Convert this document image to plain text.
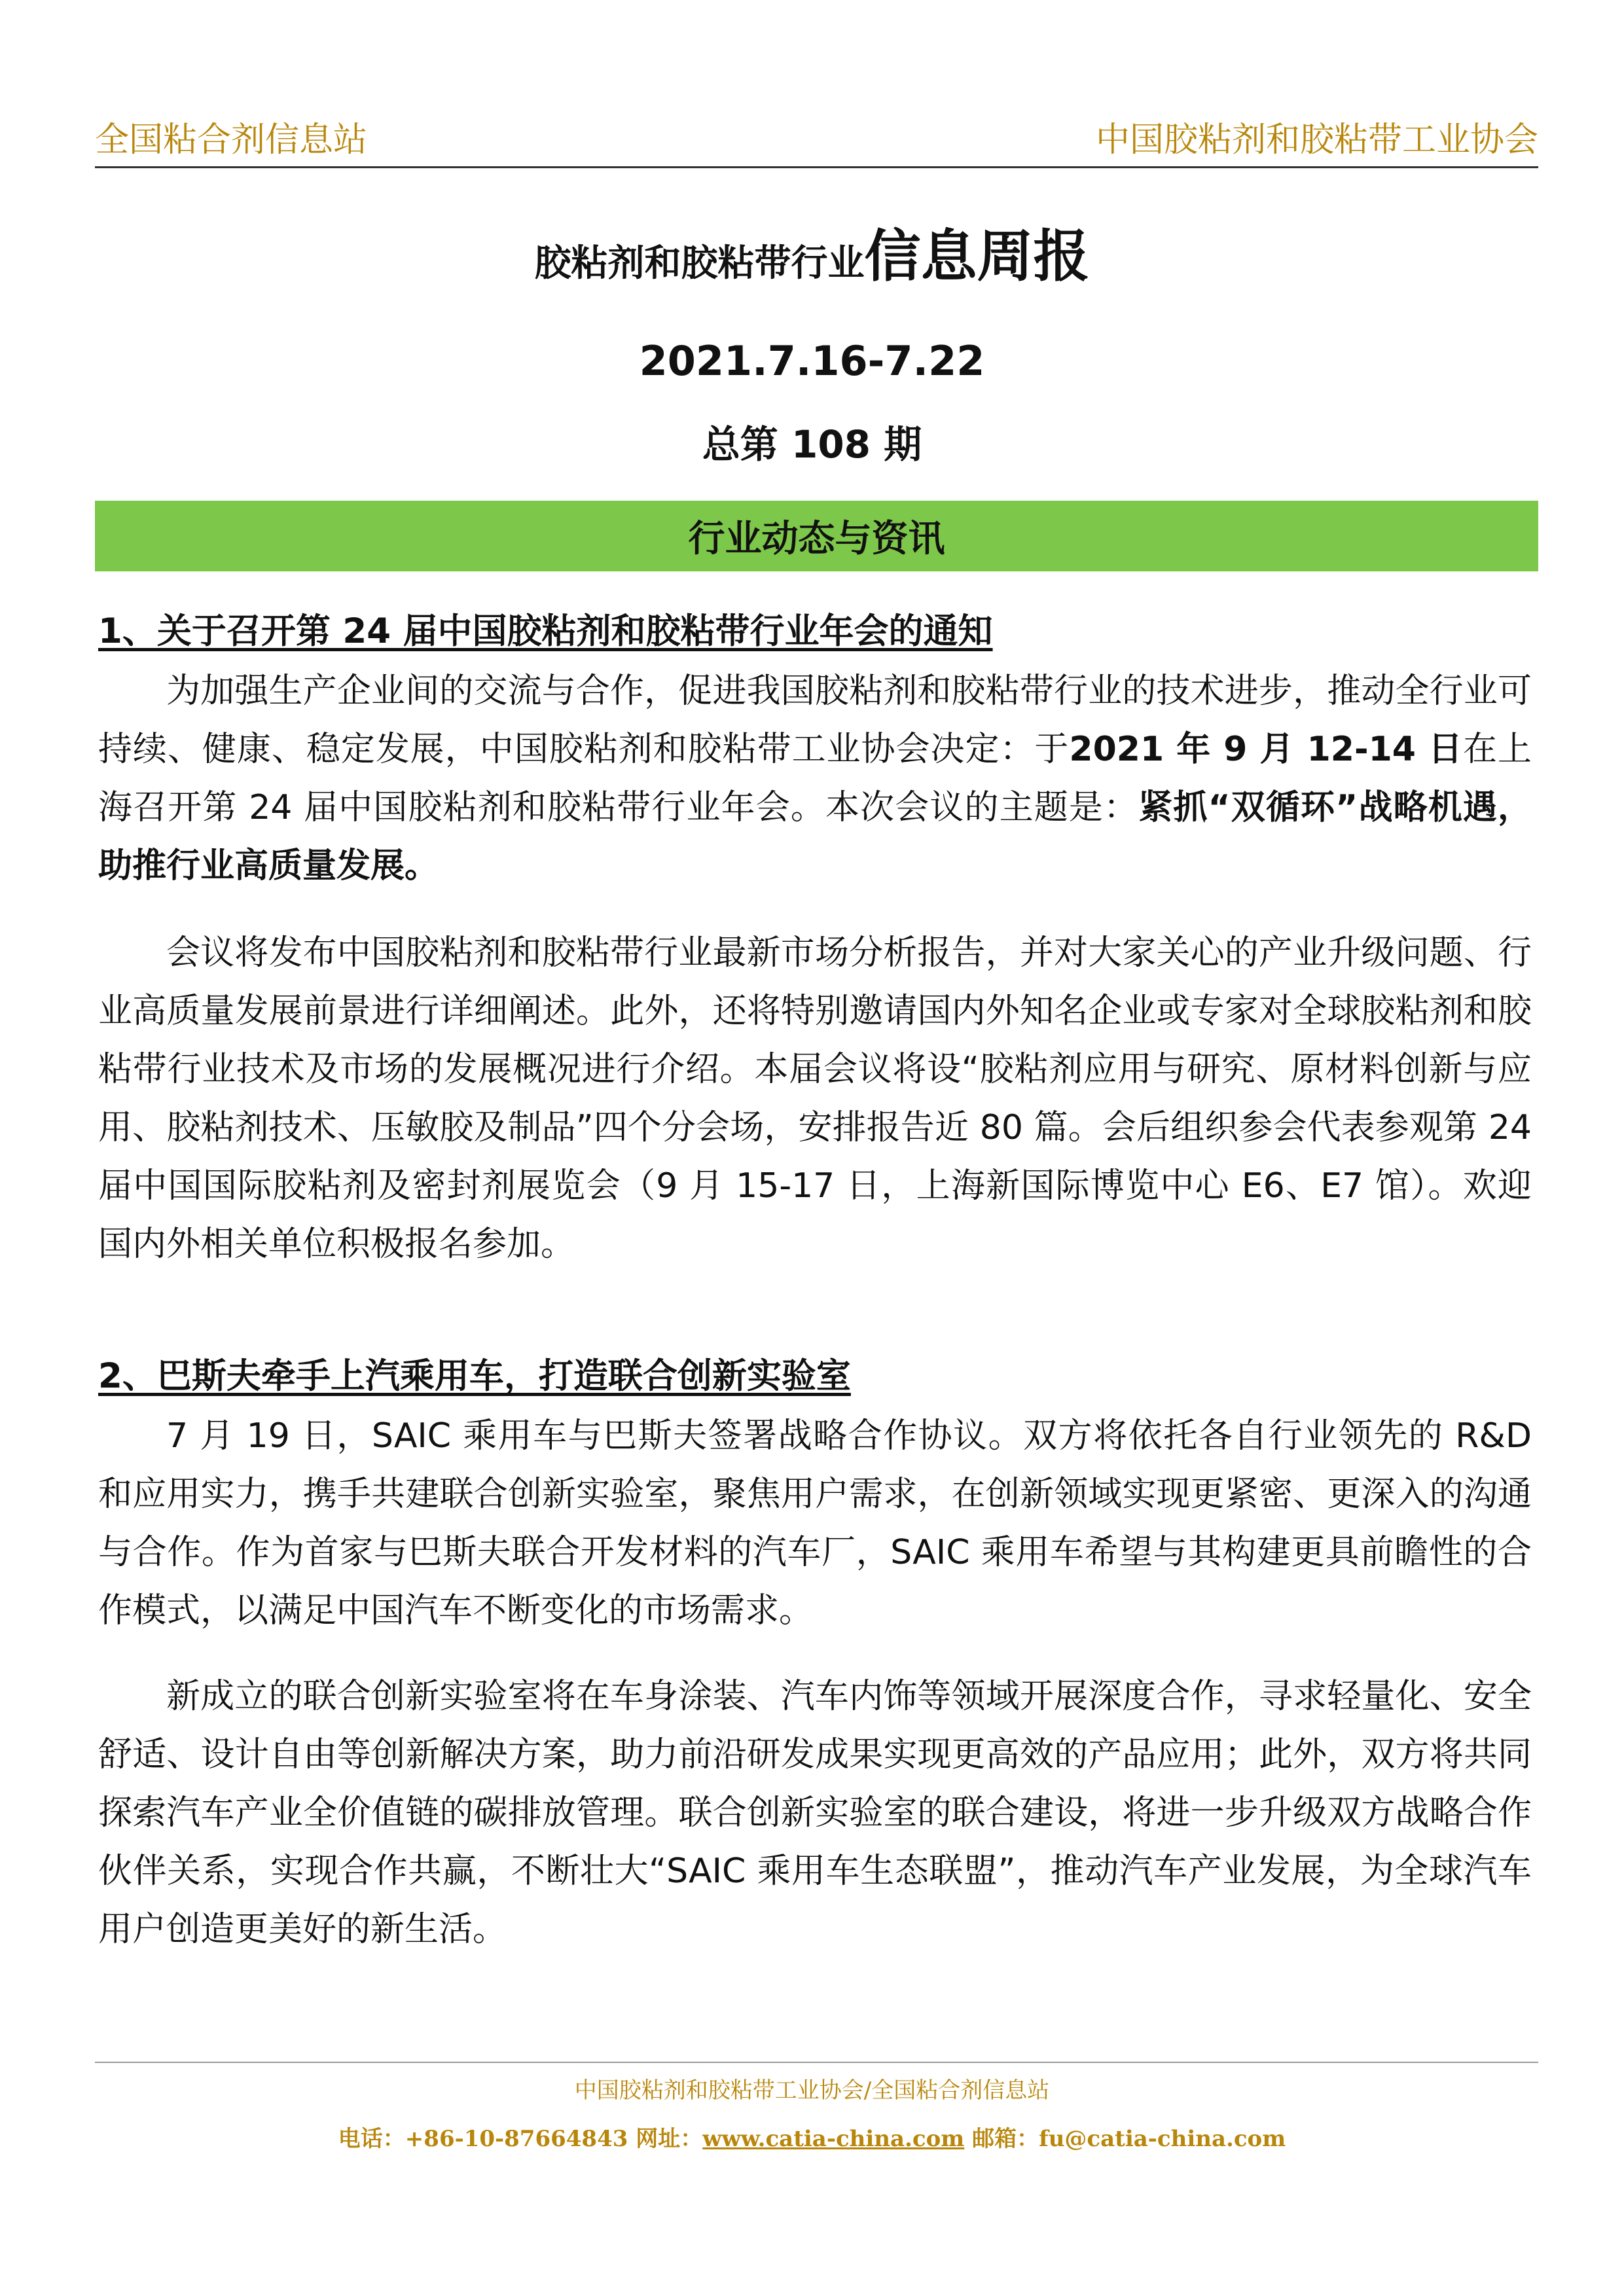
全国粘合剂信息站	中国胶粘剂和胶粘带工业协会
胶粘剂和胶粘带行业信息周报
2021.7.16-7.22
总第 108 期
行业动态与资讯
1、关于召开第 24 届中国胶粘剂和胶粘带行业年会的通知

为加强生产企业间的交流与合作，促进我国胶粘剂和胶粘带行业的技术进步，推动全行业可持续、健康、稳定发展，中国胶粘剂和胶粘带工业协会决定：于2021 年 9 月 12-14 日在上海召开第 24 届中国胶粘剂和胶粘带行业年会。本次会议的主题是：紧抓“双循环”战略机遇，助推行业高质量发展。

会议将发布中国胶粘剂和胶粘带行业最新市场分析报告，并对大家关心的产业升级问题、行业高质量发展前景进行详细阐述。此外，还将特别邀请国内外知名企业或专家对全球胶粘剂和胶粘带行业技术及市场的发展概况进行介绍。本届会议将设“胶粘剂应用与研究、原材料创新与应用、胶粘剂技术、压敏胶及制品”四个分会场，安排报告近 80 篇。会后组织参会代表参观第 24 届中国国际胶粘剂及密封剂展览会（9 月 15-17 日，上海新国际博览中心 E6、E7 馆）。欢迎国内外相关单位积极报名参加。

2、巴斯夫牵手上汽乘用车，打造联合创新实验室

7 月 19 日，SAIC 乘用车与巴斯夫签署战略合作协议。双方将依托各自行业领先的 R&D 和应用实力，携手共建联合创新实验室，聚焦用户需求，在创新领域实现更紧密、更深入的沟通与合作。作为首家与巴斯夫联合开发材料的汽车厂，SAIC 乘用车希望与其构建更具前瞻性的合作模式，以满足中国汽车不断变化的市场需求。

新成立的联合创新实验室将在车身涂装、汽车内饰等领域开展深度合作，寻求轻量化、安全舒适、设计自由等创新解决方案，助力前沿研发成果实现更高效的产品应用；此外，双方将共同探索汽车产业全价值链的碳排放管理。联合创新实验室的联合建设，将进一步升级双方战略合作伙伴关系，实现合作共赢，不断壮大“SAIC 乘用车生态联盟”，推动汽车产业发展，为全球汽车用户创造更美好的新生活。

中国胶粘剂和胶粘带工业协会/全国粘合剂信息站
电话：+86-10-87664843 网址：www.catia-china.com 邮箱：fu@catia-china.com
